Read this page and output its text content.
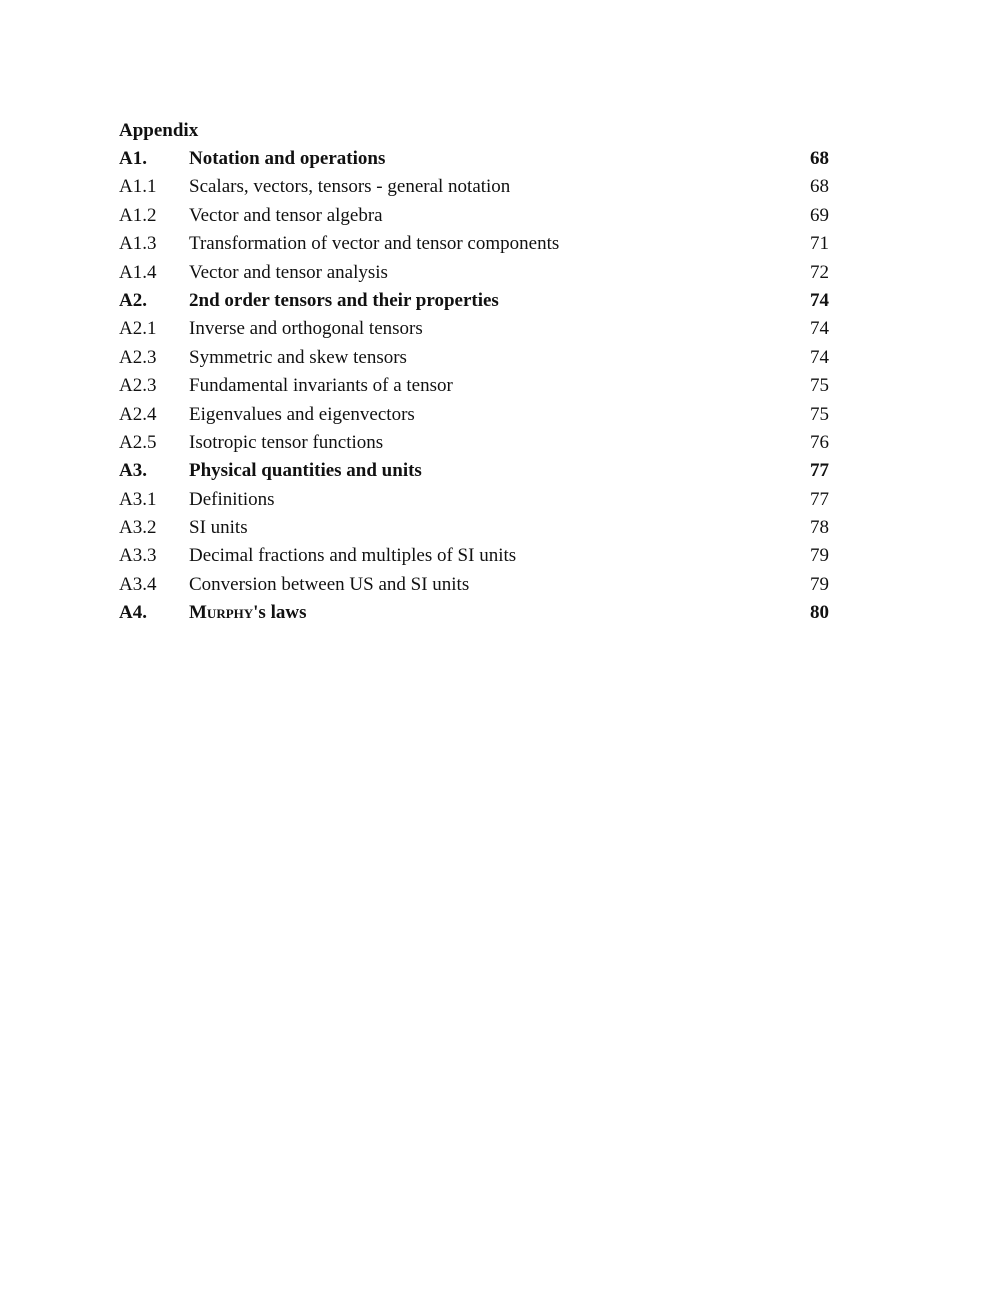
Appendix
A1. Notation and operations	68
A1.1 Scalars, vectors, tensors - general notation	68
A1.2 Vector and tensor algebra	69
A1.3 Transformation of vector and tensor components	71
A1.4 Vector and tensor analysis	72
A2. 2nd order tensors and their properties	74
A2.1 Inverse and orthogonal tensors	74
A2.3 Symmetric and skew tensors	74
A2.3 Fundamental invariants of a tensor	75
A2.4 Eigenvalues and eigenvectors	75
A2.5 Isotropic tensor functions	76
A3. Physical quantities and units	77
A3.1 Definitions	77
A3.2 SI units	78
A3.3 Decimal fractions and multiples of SI units	79
A3.4 Conversion between US and SI units	79
A4. Murphy's laws	80
